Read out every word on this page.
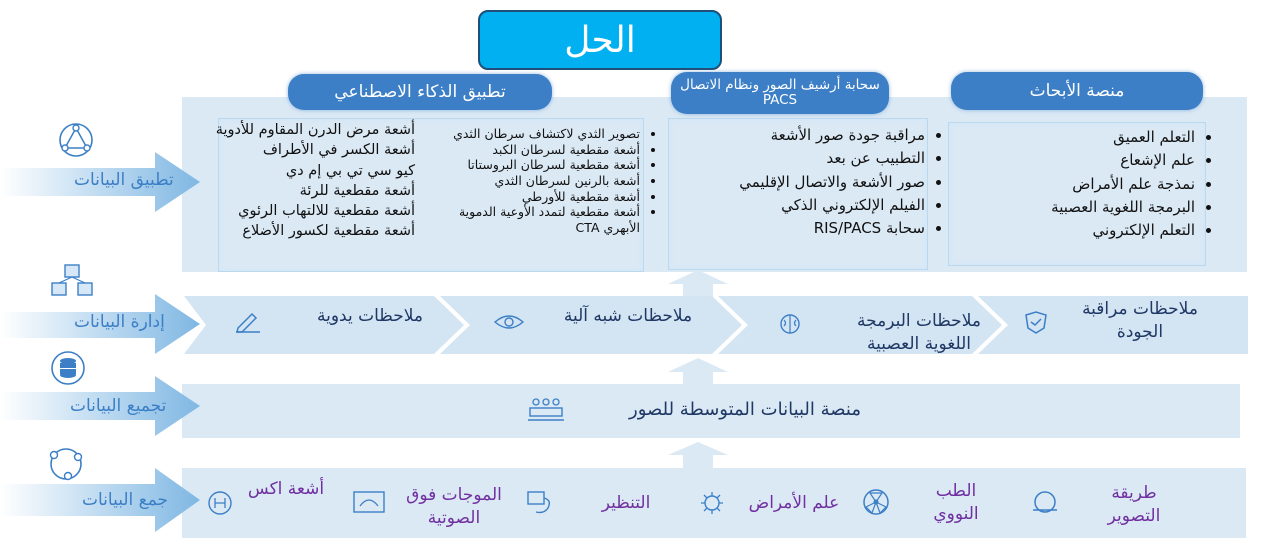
الحل
منصة الأبحاث
سحابة أرشيف الصور ونظام الاتصال PACS
تطبيق الذكاء الاصطناعي
• التعلم العميق
• علم الإشعاع
• نمذجة علم الأمراض
• البرمجة اللغوية العصبية
• التعلم الإلكتروني
• مراقبة جودة صور الأشعة
• التطبيب عن بعد
• صور الأشعة والاتصال الإقليمي
• الفيلم الإلكتروني الذكي
• سحابة RIS/PACS
• تصوير الثدي لاكتشاف سرطان الثدي
• أشعة مقطعية لسرطان الكبد
• أشعة مقطعية لسرطان البروستاتا
• أشعة بالرنين لسرطان الثدي
• أشعة مقطعية للأورطي
• أشعة مقطعية لتمدد الأوعية الدموية الأبهري CTA
أشعة مرض الدرن المقاوم للأدوية
أشعة الكسر في الأطراف
كيو سي تي بي إم دي
أشعة مقطعية للرئة
أشعة مقطعية للالتهاب الرئوي
أشعة مقطعية لكسور الأضلاع
ملاحظات مراقبة الجودة
ملاحظات البرمجة اللغوية العصبية
ملاحظات شبه آلية
ملاحظات يدوية
منصة البيانات المتوسطة للصور
طريقة التصوير
الطب النووي
علم الأمراض
التنظير
الموجات فوق الصوتية
أشعة اكس
تطبيق البيانات
إدارة البيانات
تجميع البيانات
جمع البيانات
